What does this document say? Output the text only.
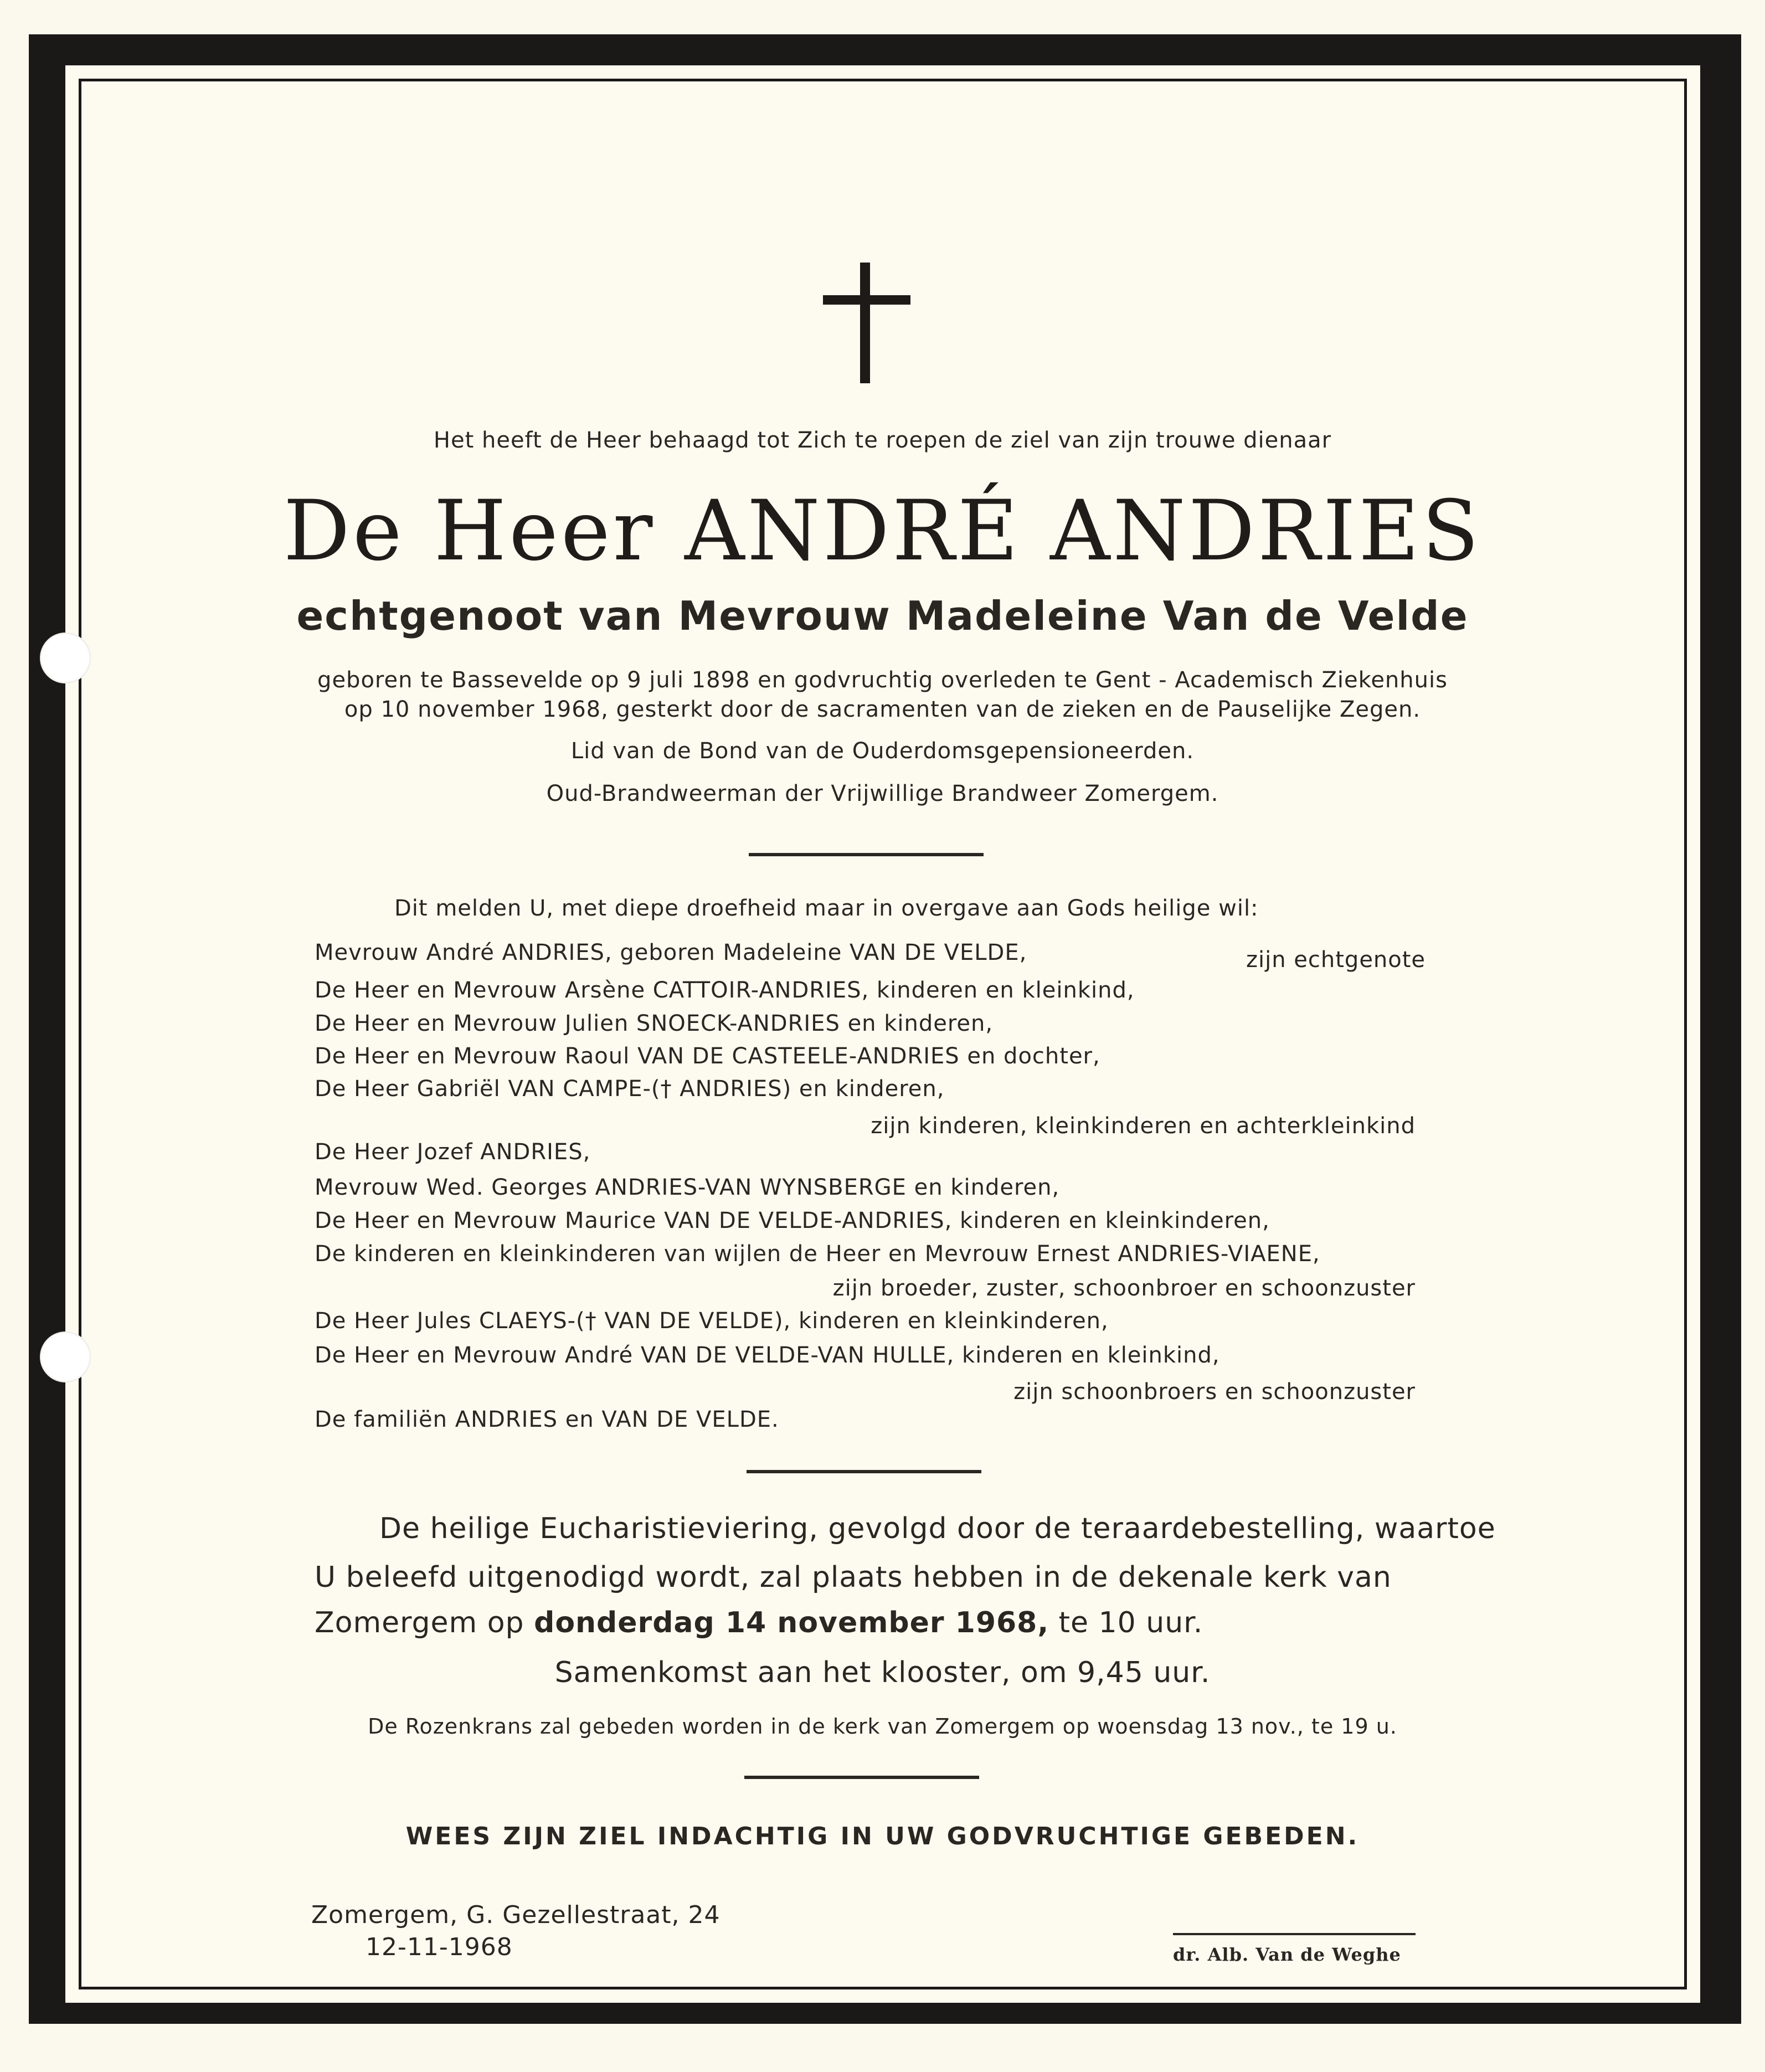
Het heeft de Heer behaagd tot Zich te roepen de ziel van zijn trouwe dienaar

De Heer ANDRÉ ANDRIES

echtgenoot van Mevrouw Madeleine Van de Velde

geboren te Bassevelde op 9 juli 1898 en godvruchtig overleden te Gent - Academisch Ziekenhuis

op 10 november 1968, gesterkt door de sacramenten van de zieken en de Pauselijke Zegen.

Lid van de Bond van de Ouderdomsgepensioneerden.

Oud-Brandweerman der Vrijwillige Brandweer Zomergem.

Dit melden U, met diepe droefheid maar in overgave aan Gods heilige wil:

Mevrouw André ANDRIES, geboren Madeleine VAN DE VELDE,	zijn echtgenote

De Heer en Mevrouw Arsène CATTOIR-ANDRIES, kinderen en kleinkind,

De Heer en Mevrouw Julien SNOECK-ANDRIES en kinderen,

De Heer en Mevrouw Raoul VAN DE CASTEELE-ANDRIES en dochter,

De Heer Gabriël VAN CAMPE-(† ANDRIES) en kinderen,

zijn kinderen, kleinkinderen en achterkleinkind

De Heer Jozef ANDRIES,

Mevrouw Wed. Georges ANDRIES-VAN WYNSBERGE en kinderen,

De Heer en Mevrouw Maurice VAN DE VELDE-ANDRIES, kinderen en kleinkinderen,

De kinderen en kleinkinderen van wijlen de Heer en Mevrouw Ernest ANDRIES-VIAENE,

zijn broeder, zuster, schoonbroer en schoonzuster

De Heer Jules CLAEYS-(† VAN DE VELDE), kinderen en kleinkinderen,

De Heer en Mevrouw André VAN DE VELDE-VAN HULLE, kinderen en kleinkind,

zijn schoonbroers en schoonzuster

De familiën ANDRIES en VAN DE VELDE.

De heilige Eucharistieviering, gevolgd door de teraardebestelling, waartoe

U beleefd uitgenodigd wordt, zal plaats hebben in de dekenale kerk van

Zomergem op donderdag 14 november 1968, te 10 uur.

Samenkomst aan het klooster, om 9,45 uur.

De Rozenkrans zal gebeden worden in de kerk van Zomergem op woensdag 13 nov., te 19 u.

WEES ZIJN ZIEL INDACHTIG IN UW GODVRUCHTIGE GEBEDEN.

Zomergem, G. Gezellestraat, 24

12-11-1968	dr. Alb. Van de Weghe
